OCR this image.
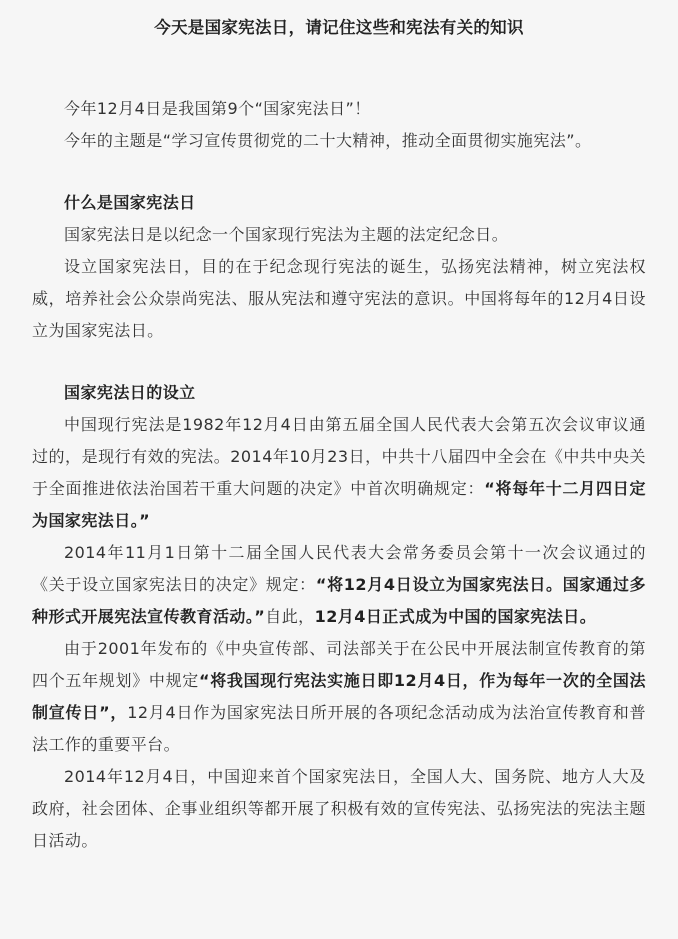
今天是国家宪法日，请记住这些和宪法有关的知识

今年12月4日是我国第9个“国家宪法日”！

今年的主题是“学习宣传贯彻党的二十大精神，推动全面贯彻实施宪法”。

什么是国家宪法日

国家宪法日是以纪念一个国家现行宪法为主题的法定纪念日。

设立国家宪法日，目的在于纪念现行宪法的诞生，弘扬宪法精神，树立宪法权威，培养社会公众崇尚宪法、服从宪法和遵守宪法的意识。中国将每年的12月4日设立为国家宪法日。

国家宪法日的设立

中国现行宪法是1982年12月4日由第五届全国人民代表大会第五次会议审议通过的，是现行有效的宪法。2014年10月23日，中共十八届四中全会在《中共中央关于全面推进依法治国若干重大问题的决定》中首次明确规定：“将每年十二月四日定为国家宪法日。”

2014年11月1日第十二届全国人民代表大会常务委员会第十一次会议通过的《关于设立国家宪法日的决定》规定：“将12月4日设立为国家宪法日。国家通过多种形式开展宪法宣传教育活动。”自此，12月4日正式成为中国的国家宪法日。

由于2001年发布的《中央宣传部、司法部关于在公民中开展法制宣传教育的第四个五年规划》中规定“将我国现行宪法实施日即12月4日，作为每年一次的全国法制宣传日”，12月4日作为国家宪法日所开展的各项纪念活动成为法治宣传教育和普法工作的重要平台。

2014年12月4日，中国迎来首个国家宪法日，全国人大、国务院、地方人大及政府，社会团体、企事业组织等都开展了积极有效的宣传宪法、弘扬宪法的宪法主题日活动。
